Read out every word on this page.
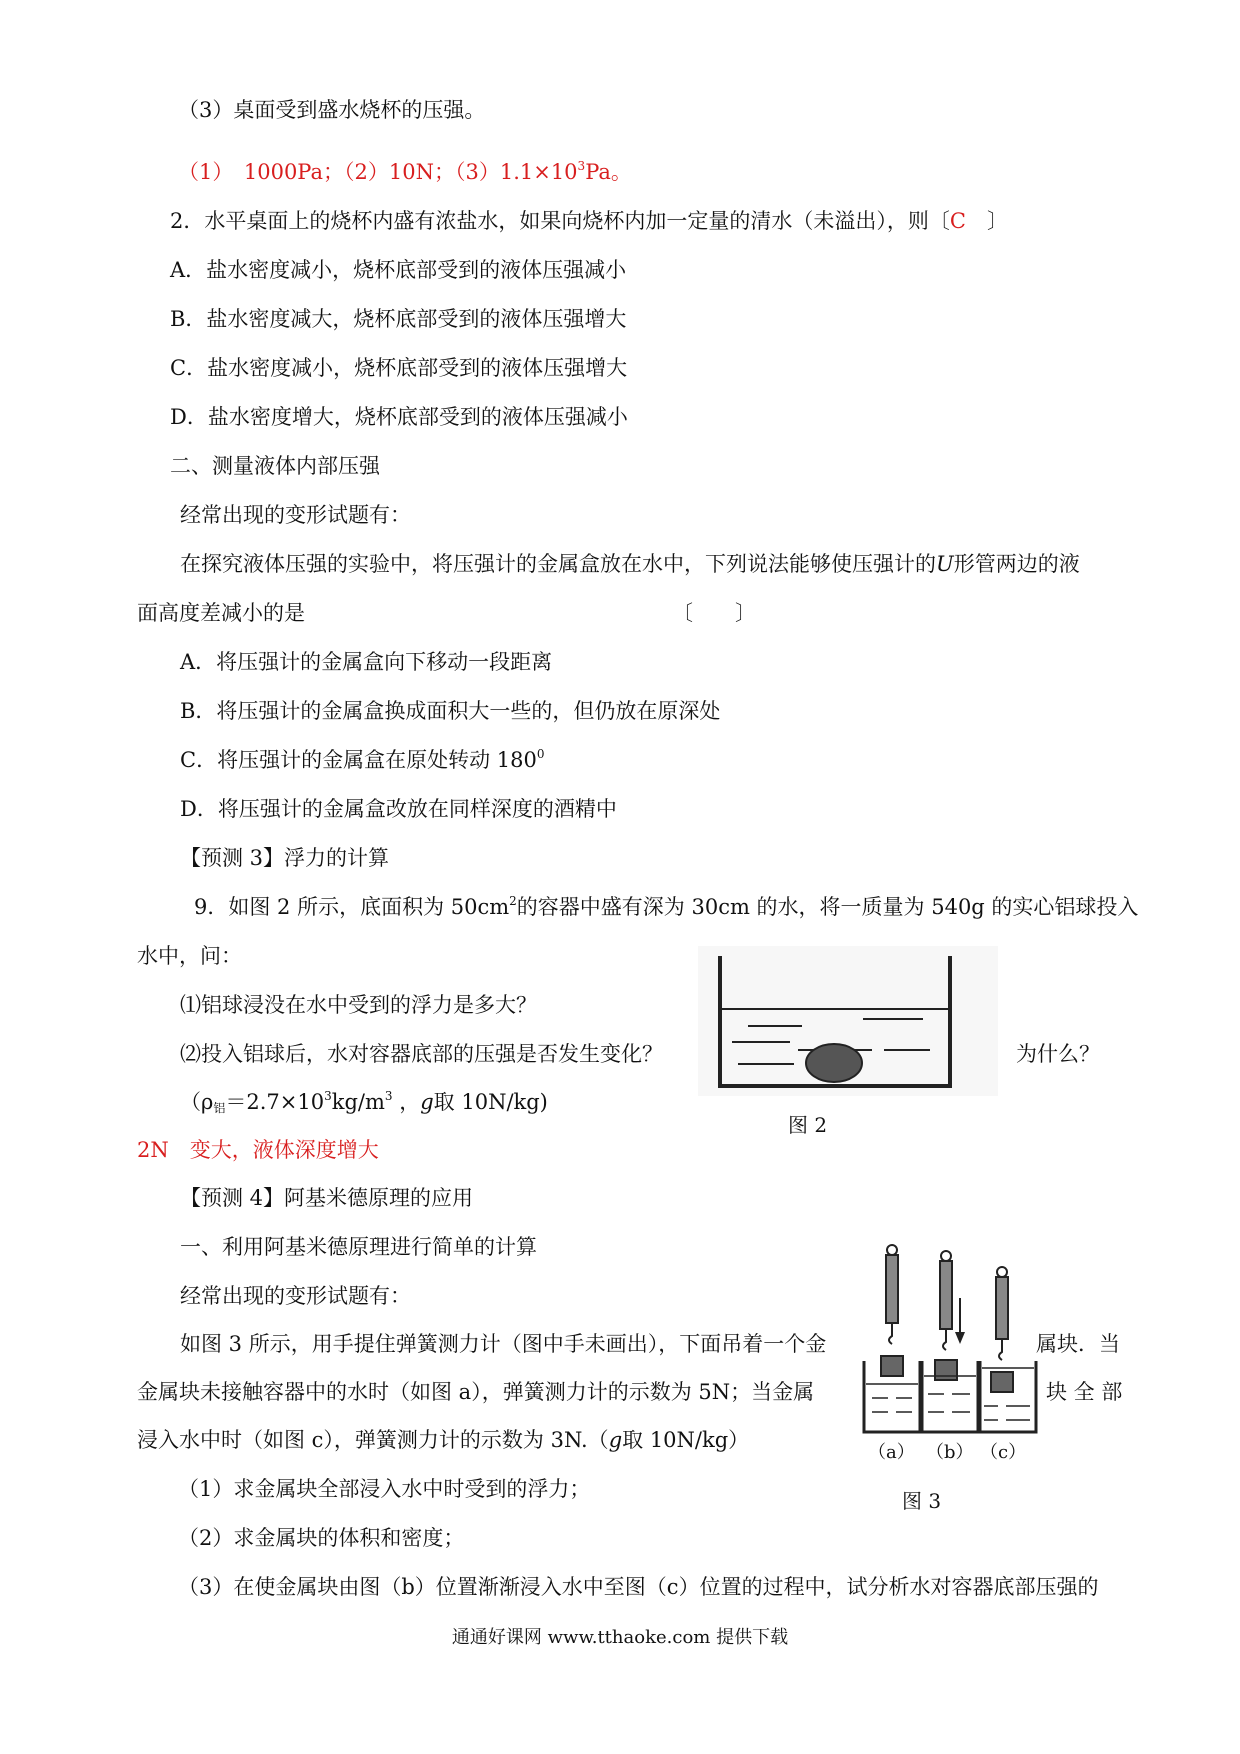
（3）桌面受到盛水烧杯的压强。
（1）　1000Pa；（2）10N；$(3)1.1\times 10^3Pa$。
2．水平桌面上的烧杯内盛有浓盐水，如果向烧杯内加一定量的清水（未溢出），则〔C　 〕
A．盐水密度减小，烧杯底部受到的液体压强减小
B．盐水密度减大，烧杯底部受到的液体压强增大
C．盐水密度减小，烧杯底部受到的液体压强增大
D．盐水密度增大，烧杯底部受到的液体压强减小
二、测量液体内部压强
经常出现的变形试题有：
在探究液体压强的实验中，将压强计的金属盒放在水中，下列说法能够使压强计的U形管两边的液
面高度差减小的是	〔　　〕
A．将压强计的金属盒向下移动一段距离
B．将压强计的金属盒换成面积大一些的，但仍放在原深处
C．将压强计的金属盒在原处转动 $180^0$
D．将压强计的金属盒改放在同样深度的酒精中
【预测 3】浮力的计算
9．如图 2 所示，底面积为 $50cm^2$的容器中盛有深为 30cm 的水，将一质量为 540g 的实心铝球投入
水中，问：
⑴铝球浸没在水中受到的浮力是多大？
⑵投入铝球后，水对容器底部的压强是否发生变化？	为什么？
（$\rho_铝=2.7\times 10^3kg/m^3$ ，g取 10N/kg)
2N　变大，液体深度增大
图 2
【预测 4】阿基米德原理的应用
一、利用阿基米德原理进行简单的计算
经常出现的变形试题有：
如图 3 所示，用手提住弹簧测力计（图中手未画出），下面吊着一个金	属块．当
金属块未接触容器中的水时（如图 a），弹簧测力计的示数为 5N；当金属	块 全 部
浸入水中时（如图 c），弹簧测力计的示数为 3N.（g取 10N/kg）
（1）求金属块全部浸入水中时受到的浮力；
（2）求金属块的体积和密度；
（3）在使金属块由图（b）位置渐渐浸入水中至图（c）位置的过程中，试分析水对容器底部压强的
（a） （b） （c）
图 3
通通好课网 www.tthaoke.com 提供下载
